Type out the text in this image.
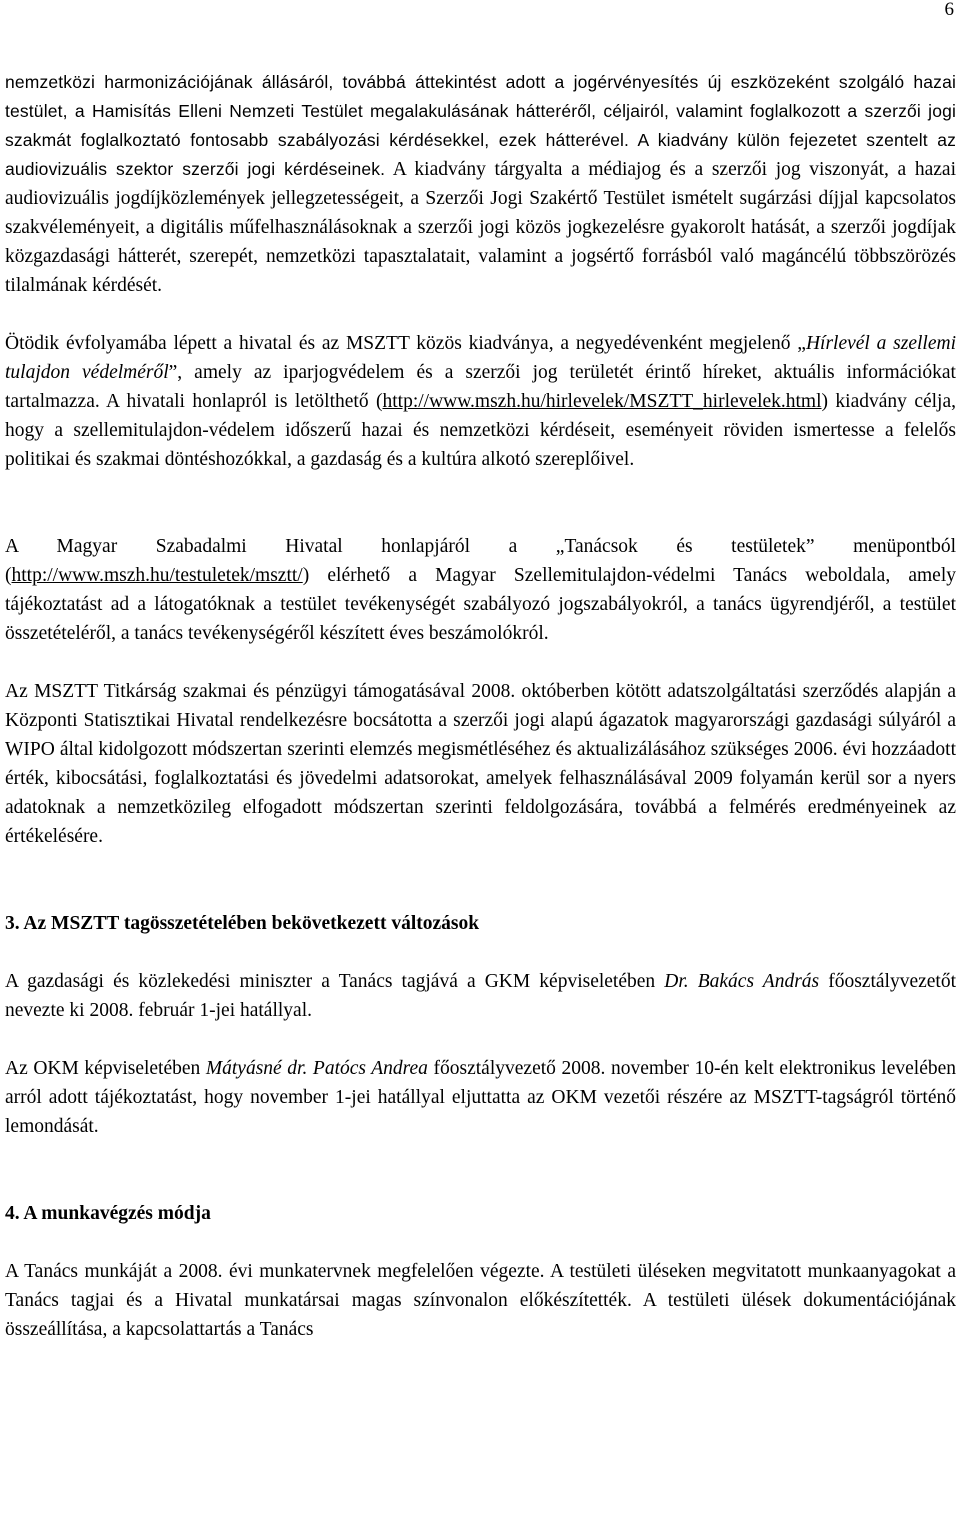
6

nemzetközi harmonizációjának állásáról, továbbá áttekintést adott a jogérvényesítés új eszközeként szolgáló hazai testület, a Hamisítás Elleni Nemzeti Testület megalakulásának hátteréről, céljairól, valamint foglalkozott a szerzői jogi szakmát foglalkoztató fontosabb szabályozási kérdésekkel, ezek hátterével. A kiadvány külön fejezetet szentelt az audiovizuális szektor szerzői jogi kérdéseinek. A kiadvány tárgyalta a médiajog és a szerzői jog viszonyát, a hazai audiovizuális jogdíjközlemények jellegzetességeit, a Szerzői Jogi Szakértő Testület ismételt sugárzási díjjal kapcsolatos szakvéleményeit, a digitális műfelhasználásoknak a szerzői jogi közös jogkezelésre gyakorolt hatását, a szerzői jogdíjak közgazdasági hátterét, szerepét, nemzetközi tapasztalatait, valamint a jogsértő forrásból való magáncélú többszörözés tilalmának kérdését.

Ötödik évfolyamába lépett a hivatal és az MSZTT közös kiadványa, a negyedévenként megjelenő „Hírlevél a szellemi tulajdon védelméről”, amely az iparjogvédelem és a szerzői jog területét érintő híreket, aktuális információkat tartalmazza. A hivatali honlapról is letölthető (http://www.mszh.hu/hirlevelek/MSZTT_hirlevelek.html) kiadvány célja, hogy a szellemitulajdon-védelem időszerű hazai és nemzetközi kérdéseit, eseményeit röviden ismertesse a felelős politikai és szakmai döntéshozókkal, a gazdaság és a kultúra alkotó szereplőivel.

A Magyar Szabadalmi Hivatal honlapjáról a „Tanácsok és testületek” menüpontból (http://www.mszh.hu/testuletek/msztt/) elérhető a Magyar Szellemitulajdon-védelmi Tanács weboldala, amely tájékoztatást ad a látogatóknak a testület tevékenységét szabályozó jogszabályokról, a tanács ügyrendjéről, a testület összetételéről, a tanács tevékenységéről készített éves beszámolókról.

Az MSZTT Titkárság szakmai és pénzügyi támogatásával 2008. októberben kötött adatszolgáltatási szerződés alapján a Központi Statisztikai Hivatal rendelkezésre bocsátotta a szerzői jogi alapú ágazatok magyarországi gazdasági súlyáról a WIPO által kidolgozott módszertan szerinti elemzés megismétléséhez és aktualizálásához szükséges 2006. évi hozzáadott érték, kibocsátási, foglalkoztatási és jövedelmi adatsorokat, amelyek felhasználásával 2009 folyamán kerül sor a nyers adatoknak a nemzetközileg elfogadott módszertan szerinti feldolgozására, továbbá a felmérés eredményeinek az értékelésére.

3. Az MSZTT tagösszetételében bekövetkezett változások

A gazdasági és közlekedési miniszter a Tanács tagjává a GKM képviseletében Dr. Bakács András főosztályvezetőt nevezte ki 2008. február 1-jei hatállyal.

Az OKM képviseletében Mátyásné dr. Patócs Andrea főosztályvezető 2008. november 10-én kelt elektronikus levelében arról adott tájékoztatást, hogy november 1-jei hatállyal eljuttatta az OKM vezetői részére az MSZTT-tagságról történő lemondását.

4. A munkavégzés módja

A Tanács munkáját a 2008. évi munkatervnek megfelelően végezte. A testületi üléseken megvitatott munkaanyagokat a Tanács tagjai és a Hivatal munkatársai magas színvonalon előkészítették. A testületi ülések dokumentációjának összeállítása, a kapcsolattartás a Tanács
